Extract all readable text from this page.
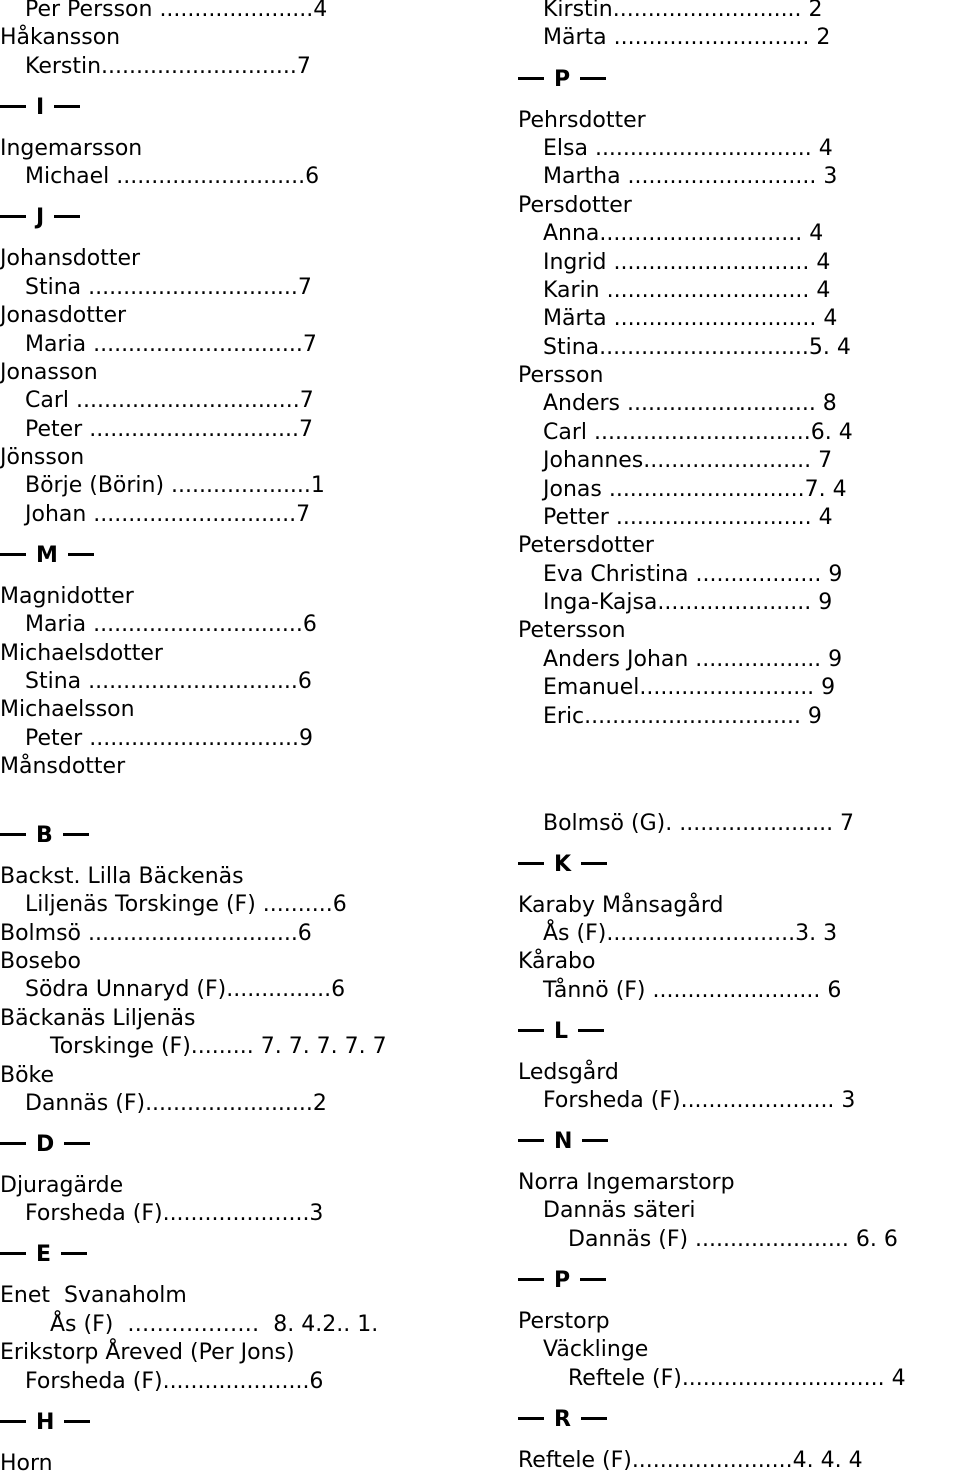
Per Persson ......................4
Håkansson
Kerstin............................7
I
Ingemarsson
Michael ...........................6
J
Johansdotter
Stina ..............................7
Jonasdotter
Maria ..............................7
Jonasson
Carl ................................7
Peter ..............................7
Jönsson
Börje (Börin) ....................1
Johan .............................7
M
Magnidotter
Maria ..............................6
Michaelsdotter
Stina ..............................6
Michaelsson
Peter ..............................9
Månsdotter
Kirstin........................... 2
Märta ............................ 2
P
Pehrsdotter
Elsa ............................... 4
Martha ........................... 3
Persdotter
Anna............................. 4
Ingrid ............................ 4
Karin ............................. 4
Märta ............................. 4
Stina..............................5. 4
Persson
Anders ........................... 8
Carl ...............................6. 4
Johannes........................ 7
Jonas ............................7. 4
Petter ............................ 4
Petersdotter
Eva Christina .................. 9
Inga-Kajsa...................... 9
Petersson
Anders Johan .................. 9
Emanuel......................... 9
Eric............................... 9
B
Backst. Lilla Bäckenäs
Liljenäs Torskinge (F) ..........6
Bolmsö ..............................6
Bosebo
Södra Unnaryd (F)...............6
Bäckanäs Liljenäs
Torskinge (F)......... 7. 7. 7. 7. 7
Böke
Dannäs (F)........................2
D
Djuragärde
Forsheda (F).....................3
E
Enet  Svanaholm
Ås (F)  ………………  8. 4.2.. 1.
Erikstorp Åreved (Per Jons)
Forsheda (F).....................6
H
Horn
Bolmsö (G). ...................... 7
K
Karaby Månsagård
Ås (F)...........................3. 3
Kårabo
Tånnö (F) ........................ 6
L
Ledsgård
Forsheda (F)...................... 3
N
Norra Ingemarstorp
Dannäs säteri
Dannäs (F) ...................... 6. 6
P
Perstorp
Väcklinge
Reftele (F)............................. 4
R
Reftele (F).......................4. 4. 4
